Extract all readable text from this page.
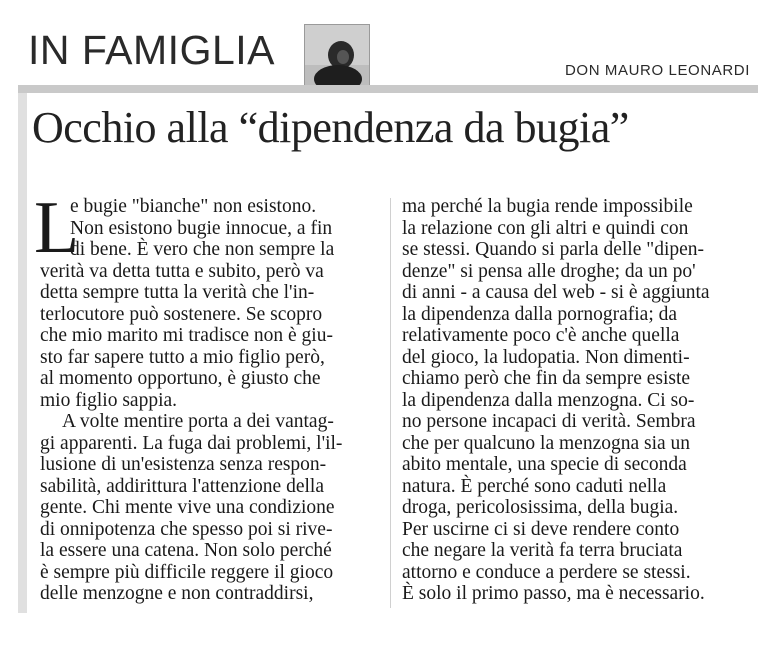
IN FAMIGLIA	DON MAURO LEONARDI
Occhio alla “dipendenza da bugia”
L
e bugie "bianche" non esistono.
Non esistono bugie innocue, a fin
di bene. È vero che non sempre la
verità va detta tutta e subito, però va
detta sempre tutta la verità che l'in-
terlocutore può sostenere. Se scopro
che mio marito mi tradisce non è giu-
sto far sapere tutto a mio figlio però,
al momento opportuno, è giusto che
mio figlio sappia.
A volte mentire porta a dei vantag-
gi apparenti. La fuga dai problemi, l'il-
lusione di un'esistenza senza respon-
sabilità, addirittura l'attenzione della
gente. Chi mente vive una condizione
di onnipotenza che spesso poi si rive-
la essere una catena. Non solo perché
è sempre più difficile reggere il gioco
delle menzogne e non contraddirsi,
ma perché la bugia rende impossibile
la relazione con gli altri e quindi con
se stessi. Quando si parla delle "dipen-
denze" si pensa alle droghe; da un po'
di anni - a causa del web - si è aggiunta
la dipendenza dalla pornografia; da
relativamente poco c'è anche quella
del gioco, la ludopatia. Non dimenti-
chiamo però che fin da sempre esiste
la dipendenza dalla menzogna. Ci so-
no persone incapaci di verità. Sembra
che per qualcuno la menzogna sia un
abito mentale, una specie di seconda
natura. È perché sono caduti nella
droga, pericolosissima, della bugia.
Per uscirne ci si deve rendere conto
che negare la verità fa terra bruciata
attorno e conduce a perdere se stessi.
È solo il primo passo, ma è necessario.
